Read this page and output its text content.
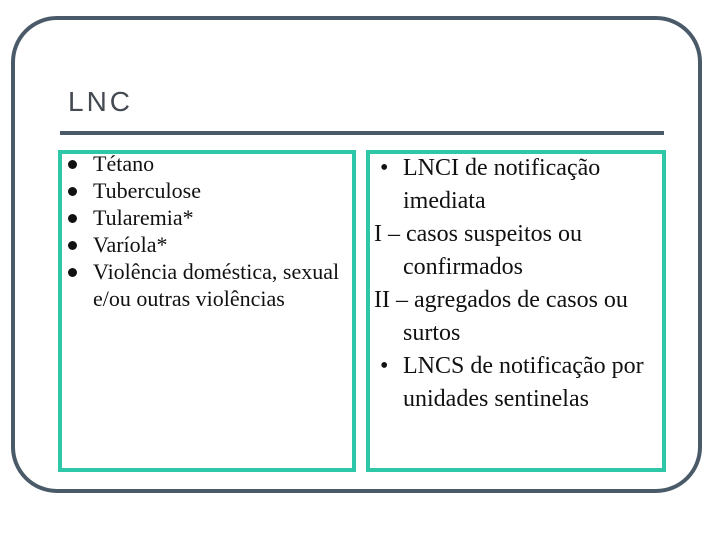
LNC
Tétano
Tuberculose
Tularemia*
Varíola*
Violência doméstica, sexual e/ou outras violências
• LNCI de notificação imediata
I – casos suspeitos ou confirmados
II – agregados de casos ou surtos
• LNCS de notificação por unidades sentinelas
